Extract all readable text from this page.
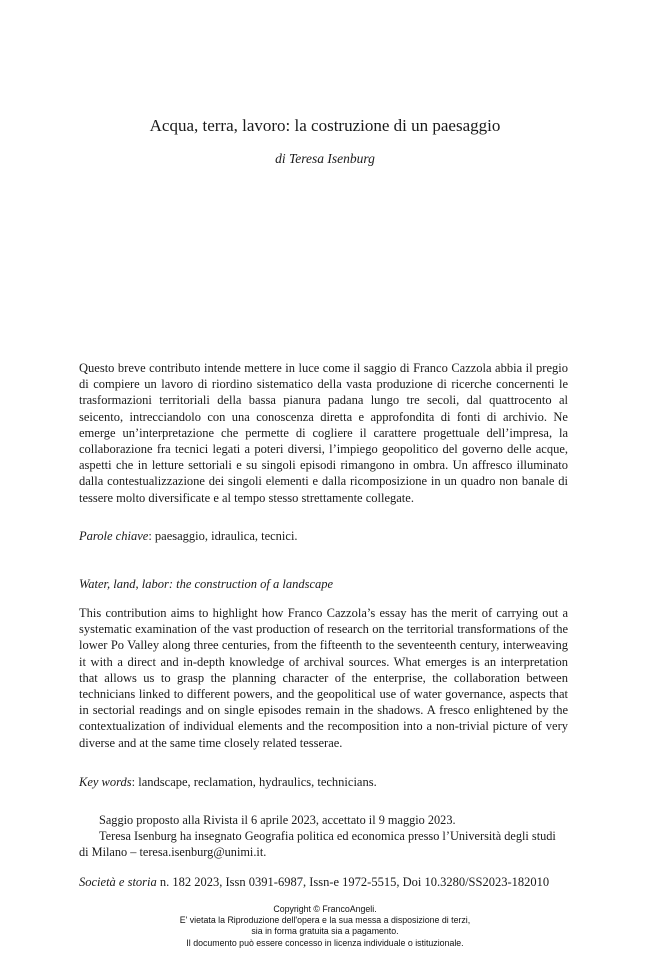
Acqua, terra, lavoro: la costruzione di un paesaggio
di Teresa Isenburg

Questo breve contributo intende mettere in luce come il saggio di Franco Cazzola abbia il pregio di compiere un lavoro di riordino sistematico della vasta produzione di ricerche concernenti le trasformazioni territoriali della bassa pianura padana lungo tre secoli, dal quattrocento al seicento, intrecciandolo con una conoscenza diretta e approfondita di fonti di archivio. Ne emerge un’interpretazione che permette di cogliere il carattere progettuale dell’impresa, la collaborazione fra tecnici legati a poteri diversi, l’impiego geopolitico del governo delle acque, aspetti che in letture settoriali e su singoli episodi rimangono in ombra. Un affresco illuminato dalla contestualizzazione dei singoli elementi e dalla ricomposizione in un quadro non banale di tessere molto diversificate e al tempo stesso strettamente collegate.

Parole chiave: paesaggio, idraulica, tecnici.

Water, land, labor: the construction of a landscape

This contribution aims to highlight how Franco Cazzola’s essay has the merit of carrying out a systematic examination of the vast production of research on the territorial transformations of the lower Po Valley along three centuries, from the fifteenth to the seventeenth century, interweaving it with a direct and in-depth knowledge of archival sources. What emerges is an interpretation that allows us to grasp the planning character of the enterprise, the collaboration between technicians linked to different powers, and the geopolitical use of water governance, aspects that in sectorial readings and on single episodes remain in the shadows. A fresco enlightened by the contextualization of individual elements and the recomposition into a non-trivial picture of very diverse and at the same time closely related tesserae.

Key words: landscape, reclamation, hydraulics, technicians.

Saggio proposto alla Rivista il 6 aprile 2023, accettato il 9 maggio 2023.

Teresa Isenburg ha insegnato Geografia politica ed economica presso l’Università degli studi di Milano – teresa.isenburg@unimi.it.

Società e storia n. 182 2023, Issn 0391-6987, Issn-e 1972-5515, Doi 10.3280/SS2023-182010

Copyright © FrancoAngeli.
E' vietata la Riproduzione dell'opera e la sua messa a disposizione di terzi,
sia in forma gratuita sia a pagamento.
Il documento può essere concesso in licenza individuale o istituzionale.
